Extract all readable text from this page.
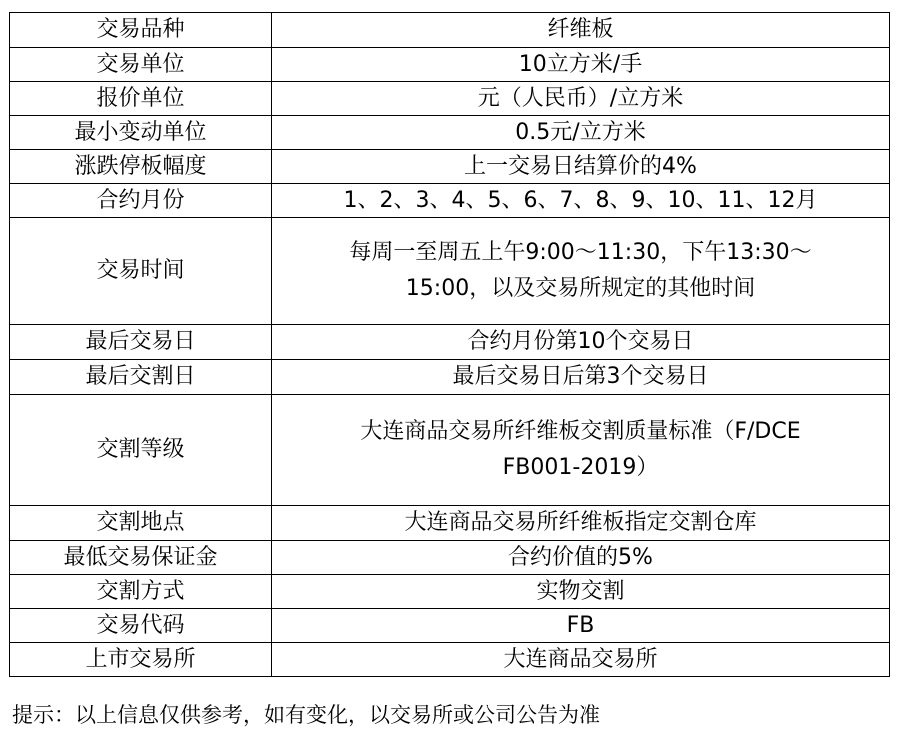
交易品种	纤维板
交易单位	10立方米/手
报价单位	元（人民币）/立方米
最小变动单位	0.5元/立方米
涨跌停板幅度	上一交易日结算价的4%
合约月份	1、2、3、4、5、6、7、8、9、10、11、12月
交易时间	每周一至周五上午9:00～11:30，下午13:30～
15:00，以及交易所规定的其他时间
最后交易日	合约月份第10个交易日
最后交割日	最后交易日后第3个交易日
交割等级	大连商品交易所纤维板交割质量标准（F/DCE
FB001-2019）
交割地点	大连商品交易所纤维板指定交割仓库
最低交易保证金	合约价值的5%
交割方式	实物交割
交易代码	FB
上市交易所	大连商品交易所
提示：以上信息仅供参考，如有变化，以交易所或公司公告为准
